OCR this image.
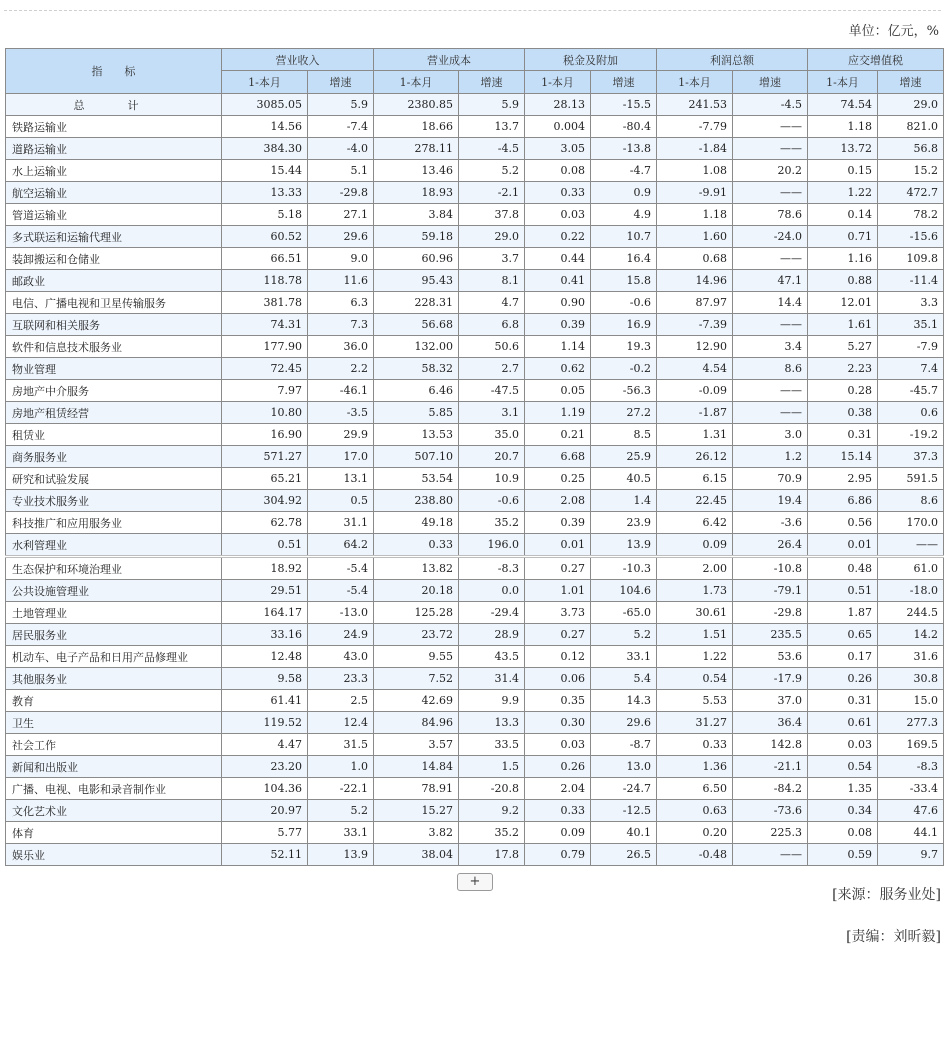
单位：亿元，%
指　　标	营业收入		营业成本		税金及附加		利润总额		应交增值税	
	1-本月	增速	1-本月	增速	1-本月	增速	1-本月	增速	1-本月	增速
总　计	3085.05	5.9	2380.85	5.9	28.13	-15.5	241.53	-4.5	74.54	29.0
铁路运输业	14.56	-7.4	18.66	13.7	0.004	-80.4	-7.79	——	1.18	821.0
道路运输业	384.30	-4.0	278.11	-4.5	3.05	-13.8	-1.84	——	13.72	56.8
水上运输业	15.44	5.1	13.46	5.2	0.08	-4.7	1.08	20.2	0.15	15.2
航空运输业	13.33	-29.8	18.93	-2.1	0.33	0.9	-9.91	——	1.22	472.7
管道运输业	5.18	27.1	3.84	37.8	0.03	4.9	1.18	78.6	0.14	78.2
多式联运和运输代理业	60.52	29.6	59.18	29.0	0.22	10.7	1.60	-24.0	0.71	-15.6
装卸搬运和仓储业	66.51	9.0	60.96	3.7	0.44	16.4	0.68	——	1.16	109.8
邮政业	118.78	11.6	95.43	8.1	0.41	15.8	14.96	47.1	0.88	-11.4
电信、广播电视和卫星传输服务	381.78	6.3	228.31	4.7	0.90	-0.6	87.97	14.4	12.01	3.3
互联网和相关服务	74.31	7.3	56.68	6.8	0.39	16.9	-7.39	——	1.61	35.1
软件和信息技术服务业	177.90	36.0	132.00	50.6	1.14	19.3	12.90	3.4	5.27	-7.9
物业管理	72.45	2.2	58.32	2.7	0.62	-0.2	4.54	8.6	2.23	7.4
房地产中介服务	7.97	-46.1	6.46	-47.5	0.05	-56.3	-0.09	——	0.28	-45.7
房地产租赁经营	10.80	-3.5	5.85	3.1	1.19	27.2	-1.87	——	0.38	0.6
租赁业	16.90	29.9	13.53	35.0	0.21	8.5	1.31	3.0	0.31	-19.2
商务服务业	571.27	17.0	507.10	20.7	6.68	25.9	26.12	1.2	15.14	37.3
研究和试验发展	65.21	13.1	53.54	10.9	0.25	40.5	6.15	70.9	2.95	591.5
专业技术服务业	304.92	0.5	238.80	-0.6	2.08	1.4	22.45	19.4	6.86	8.6
科技推广和应用服务业	62.78	31.1	49.18	35.2	0.39	23.9	6.42	-3.6	0.56	170.0
水利管理业	0.51	64.2	0.33	196.0	0.01	13.9	0.09	26.4	0.01	——
生态保护和环境治理业	18.92	-5.4	13.82	-8.3	0.27	-10.3	2.00	-10.8	0.48	61.0
公共设施管理业	29.51	-5.4	20.18	0.0	1.01	104.6	1.73	-79.1	0.51	-18.0
土地管理业	164.17	-13.0	125.28	-29.4	3.73	-65.0	30.61	-29.8	1.87	244.5
居民服务业	33.16	24.9	23.72	28.9	0.27	5.2	1.51	235.5	0.65	14.2
机动车、电子产品和日用产品修理业	12.48	43.0	9.55	43.5	0.12	33.1	1.22	53.6	0.17	31.6
其他服务业	9.58	23.3	7.52	31.4	0.06	5.4	0.54	-17.9	0.26	30.8
教育	61.41	2.5	42.69	9.9	0.35	14.3	5.53	37.0	0.31	15.0
卫生	119.52	12.4	84.96	13.3	0.30	29.6	31.27	36.4	0.61	277.3
社会工作	4.47	31.5	3.57	33.5	0.03	-8.7	0.33	142.8	0.03	169.5
新闻和出版业	23.20	1.0	14.84	1.5	0.26	13.0	1.36	-21.1	0.54	-8.3
广播、电视、电影和录音制作业	104.36	-22.1	78.91	-20.8	2.04	-24.7	6.50	-84.2	1.35	-33.4
文化艺术业	20.97	5.2	15.27	9.2	0.33	-12.5	0.63	-73.6	0.34	47.6
体育	5.77	33.1	3.82	35.2	0.09	40.1	0.20	225.3	0.08	44.1
娱乐业	52.11	13.9	38.04	17.8	0.79	26.5	-0.48	——	0.59	9.7
+
[来源：服务业处]
[责编：刘昕毅]
